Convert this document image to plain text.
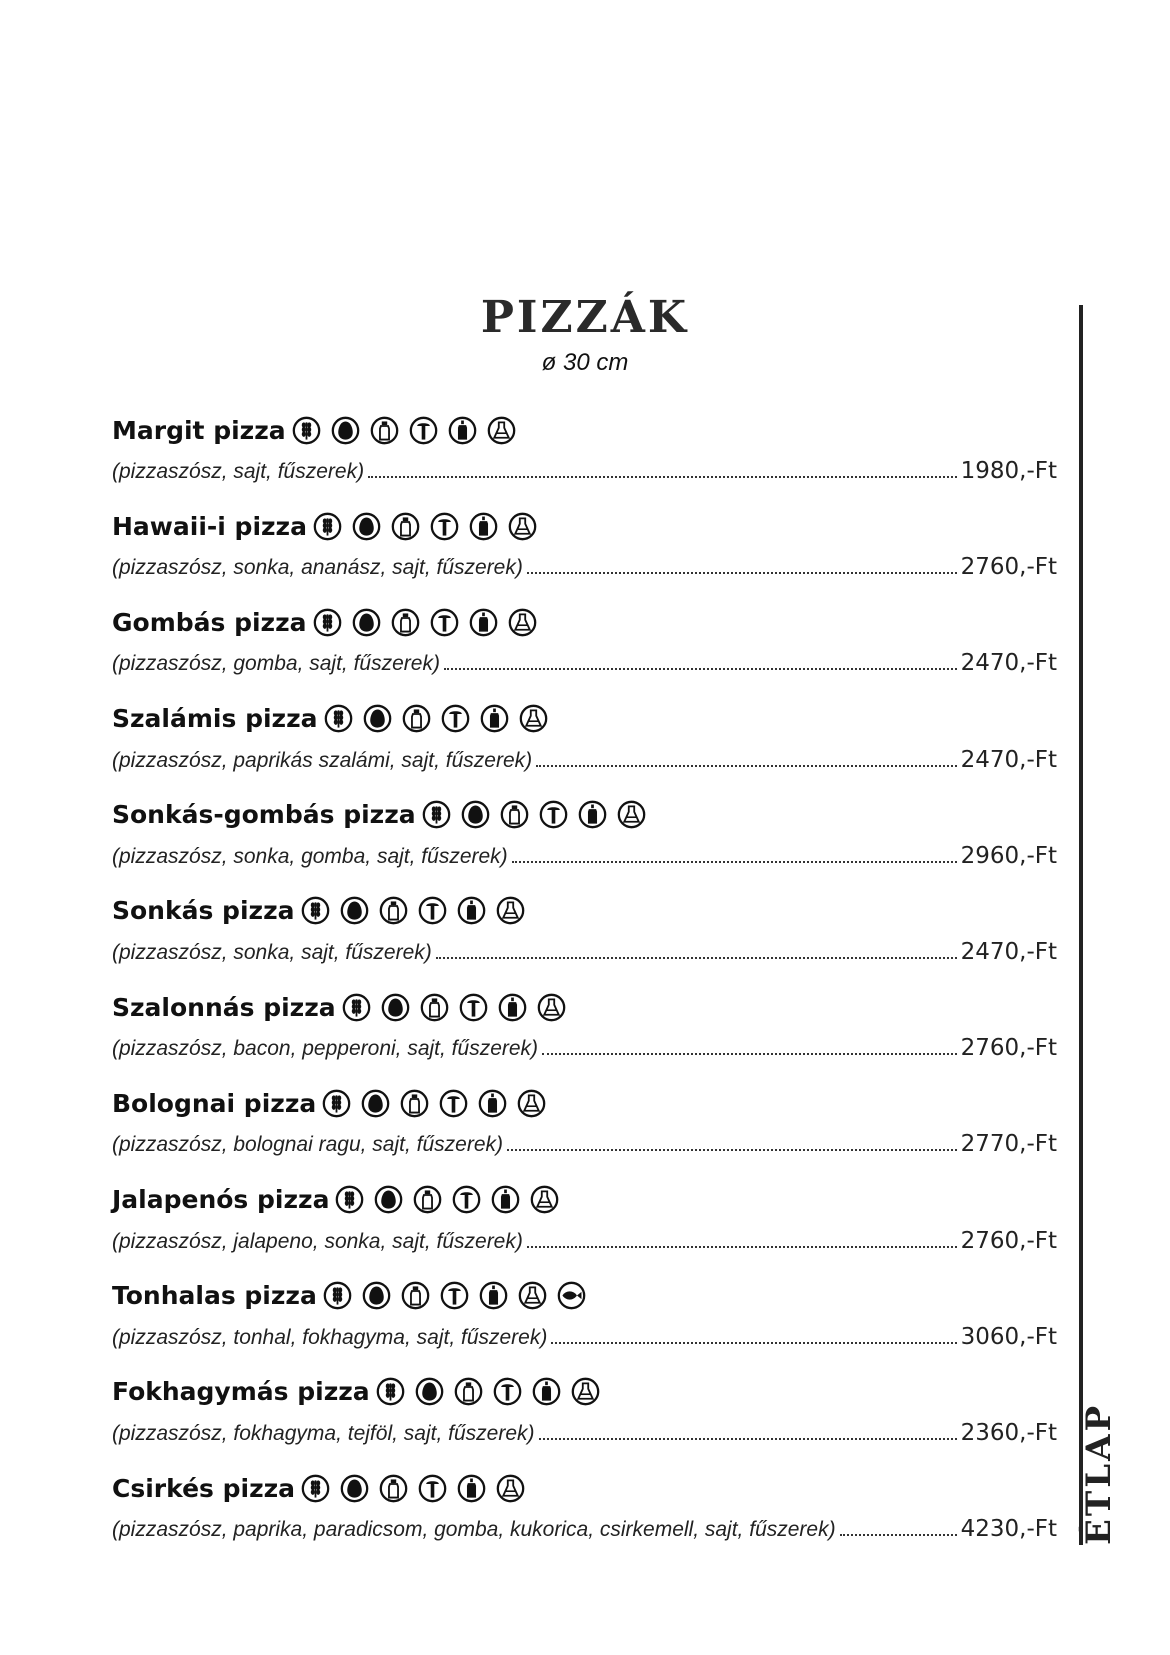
PIZZÁK
ø 30 cm
Margit pizza
(pizzaszósz, sajt, fűszerek)	1980,-Ft
Hawaii-i pizza
(pizzaszósz, sonka, ananász, sajt, fűszerek)	2760,-Ft
Gombás pizza
(pizzaszósz, gomba, sajt, fűszerek)	2470,-Ft
Szalámis pizza
(pizzaszósz, paprikás szalámi, sajt, fűszerek)	2470,-Ft
Sonkás-gombás pizza
(pizzaszósz, sonka, gomba, sajt, fűszerek)	2960,-Ft
Sonkás pizza
(pizzaszósz, sonka, sajt, fűszerek)	2470,-Ft
Szalonnás pizza
(pizzaszósz, bacon, pepperoni, sajt, fűszerek)	2760,-Ft
Bolognai pizza
(pizzaszósz, bolognai ragu, sajt, fűszerek)	2770,-Ft
Jalapenós pizza
(pizzaszósz, jalapeno, sonka, sajt, fűszerek)	2760,-Ft
Tonhalas pizza
(pizzaszósz, tonhal, fokhagyma, sajt, fűszerek)	3060,-Ft
Fokhagymás pizza
(pizzaszósz, fokhagyma, tejföl, sajt, fűszerek)	2360,-Ft
Csirkés pizza
(pizzaszósz, paprika, paradicsom, gomba, kukorica, csirkemell, sajt, fűszerek)	4230,-Ft ÉTLAP
